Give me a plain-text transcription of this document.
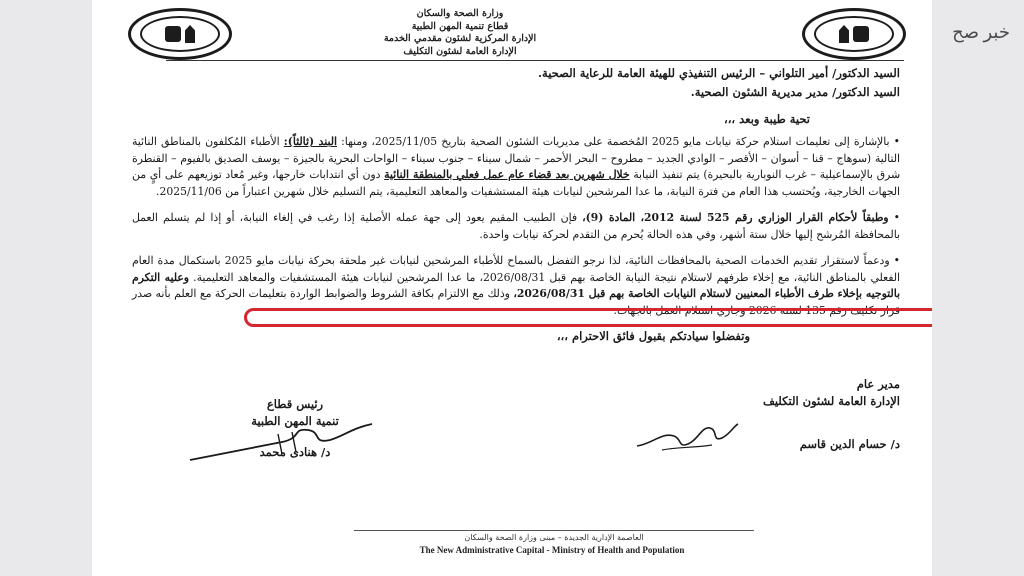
وزارة الصحة والسكان
قطاع تنمية المهن الطبية
الإدارة المركزية لشئون مقدمي الخدمة
الإدارة العامة لشئون التكليف
السيد الدكتور/ أمير التلواني – الرئيس التنفيذي للهيئة العامة للرعاية الصحية.
السيد الدكتور/ مدير مديرية الشئون الصحية.
تحية طيبة وبعد ،،،

• بالإشارة إلى تعليمات استلام حركة نيابات مايو 2025 المُخصمة على مديريات الشئون الصحية بتاريخ 2025/11/05، ومنها: البند (ثالثاً): الأطباء المُكلفون بالمناطق النائية التالية (سوهاج – قنا – أسوان – الأقصر – الوادي الجديد – مطروح – البحر الأحمر – شمال سيناء – جنوب سيناء – الواحات البحرية بالجيزة – يوسف الصديق بالفيوم – القنطرة شرق بالإسماعيلية – غرب النوبارية بالبحيرة) يتم تنفيذ النيابة خلال شهرين بعد قضاء عام عمل فعلي بالمنطقة النائية دون أي انتدابات خارجها، وغير مُعاد توزيعهم على أيٍ من الجهات الخارجية، ويُحتسب هذا العام من فترة النيابة، ما عدا المرشحين لنيابات هيئة المستشفيات والمعاهد التعليمية، يتم التسليم خلال شهرين اعتباراً من 2025/11/06.

• وطبقاً لأحكام القرار الوزاري رقم 525 لسنة 2012، المادة (9)، فإن الطبيب المقيم يعود إلى جهة عمله الأصلية إذا رغب في إلغاء النيابة، أو إذا لم يتسلم العمل بالمحافظة المُرشح إليها خلال ستة أشهر، وفي هذه الحالة يُحرم من التقدم لحركة نيابات واحدة.

• ودعماً لاستقرار تقديم الخدمات الصحية بالمحافظات النائية، لذا نرجو التفضل بالسماح للأطباء المرشحين لنيابات غير ملحقة بحركة نيابات مايو 2025 باستكمال مدة العام الفعلي بالمناطق النائية، مع إخلاء طرفهم لاستلام نتيجة النيابة الخاصة بهم قبل 2026/08/31، ما عدا المرشحين لنيابات هيئة المستشفيات والمعاهد التعليمية. وعليه التكرم بالتوجيه بإخلاء طرف الأطباء المعنيين لاستلام النيابات الخاصة بهم قبل 2026/08/31، وذلك مع الالتزام بكافة الشروط والضوابط الواردة بتعليمات الحركة مع العلم بأنه صدر قرار تكليف رقم 135 لسنة 2026 وجاري استلام العمل بالجهات.

وتفضلوا سيادتكم بقبول فائق الاحترام ،،،
مدير عام
الإدارة العامة لشئون التكليف
د/ حسام الدين قاسم
رئيس قطاع
تنمية المهن الطبية
د/ هنادى محمد
العاصمة الإدارية الجديدة – مبنى وزارة الصحة والسكان
The New Administrative Capital - Ministry of Health and Population
خبر صح
